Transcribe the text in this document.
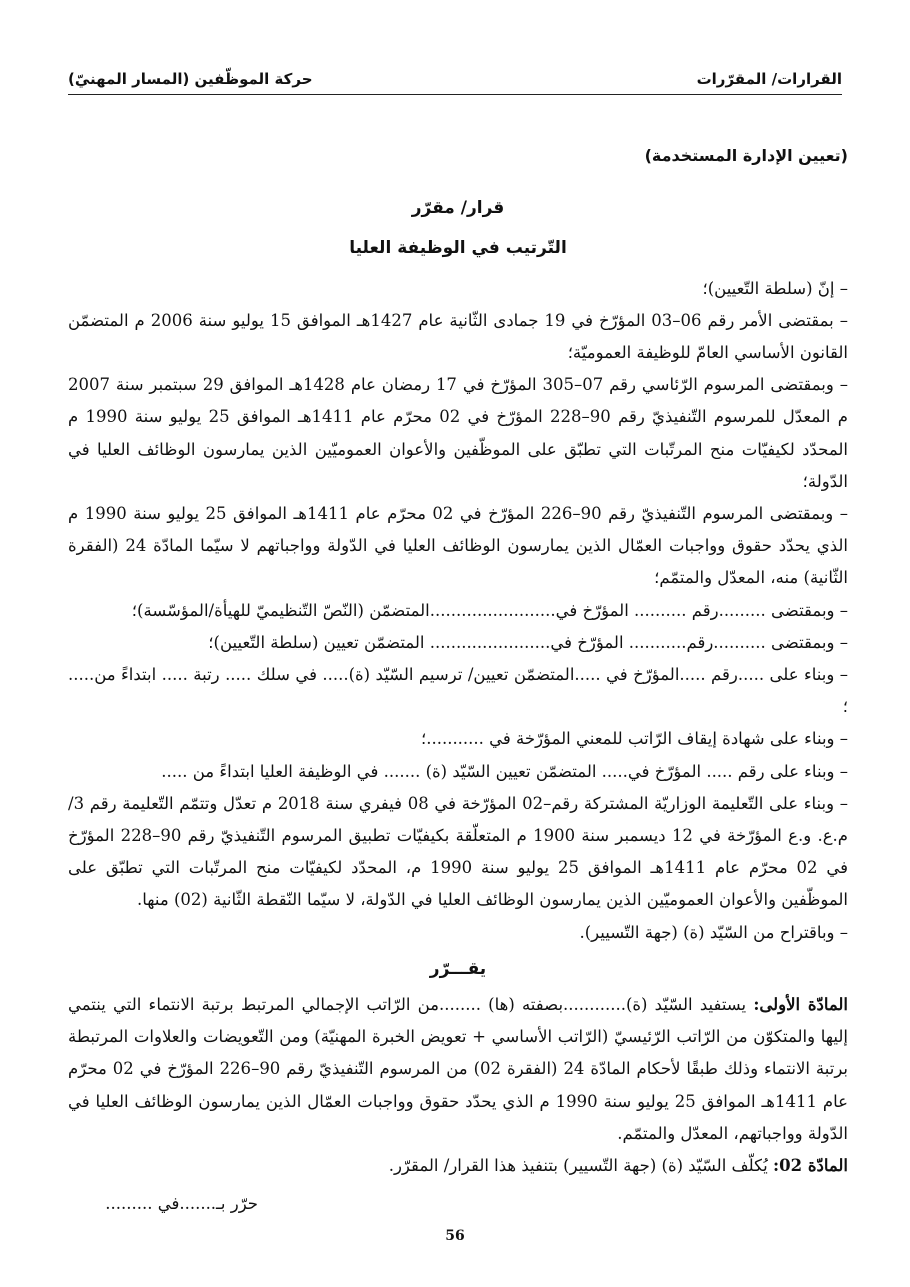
القرارات/ المقرّرات
حركة الموظّفين (المسار المهنيّ)

(تعيين الإدارة المستخدمة)

قرار/ مقرّر

التّرتيب في الوظيفة العليا

– إنّ (سلطة التّعيين)؛

– بمقتضى الأمر رقم 06–03 المؤرّخ في 19 جمادى الثّانية عام 1427هـ الموافق 15 يوليو سنة 2006 م المتضمّن القانون الأساسي العامّ للوظيفة العموميّة؛

– وبمقتضى المرسوم الرّئاسي رقم 07–305 المؤرّخ في 17 رمضان عام 1428هـ الموافق 29 سبتمبر سنة 2007 م المعدّل للمرسوم التّنفيذيّ رقم 90–228 المؤرّخ في 02 محرّم عام 1411هـ الموافق 25 يوليو سنة 1990 م المحدّد لكيفيّات منح المرتّبات التي تطبّق على الموظّفين والأعوان العموميّين الذين يمارسون الوظائف العليا في الدّولة؛

– وبمقتضى المرسوم التّنفيذيّ رقم 90–226 المؤرّخ في 02 محرّم عام 1411هـ الموافق 25 يوليو سنة 1990 م الذي يحدّد حقوق وواجبات العمّال الذين يمارسون الوظائف العليا في الدّولة وواجباتهم لا سيّما المادّة 24 (الفقرة الثّانية) منه، المعدّل والمتمّم؛

– وبمقتضى .........رقم .......... المؤرّخ في........................المتضمّن (النّصّ التّنظيميّ للهيأة/المؤسّسة)؛

– وبمقتضى ..........رقم........... المؤرّخ في....................... المتضمّن تعيين (سلطة التّعيين)؛

– وبناء على .....رقم .....المؤرّخ في .....المتضمّن تعيين/ ترسيم السّيّد (ة)..... في سلك ..... رتبة ..... ابتداءً من..... ؛

– وبناء على شهادة إيقاف الرّاتب للمعني المؤرّخة في ...........؛

– وبناء على رقم ..... المؤرّخ في..... المتضمّن تعيين السّيّد (ة) ....... في الوظيفة العليا ابتداءً من .....

– وبناء على التّعليمة الوزاريّة المشتركة رقم–02 المؤرّخة في 08 فيفري سنة 2018 م تعدّل وتتمّم التّعليمة رقم 3/م.ع. و.ع المؤرّخة في 12 ديسمبر سنة 1900 م المتعلّقة بكيفيّات تطبيق المرسوم التّنفيذيّ رقم 90–228 المؤرّخ في 02 محرّم عام 1411هـ الموافق 25 يوليو سنة 1990 م، المحدّد لكيفيّات منح المرتّبات التي تطبّق على الموظّفين والأعوان العموميّين الذين يمارسون الوظائف العليا في الدّولة، لا سيّما النّقطة الثّانية (02) منها.

– وباقتراح من السّيّد (ة) (جهة التّسيير).

يقـــرّر

المادّة الأولى: يستفيد السّيّد (ة)............بصفته (ها) ........من الرّاتب الإجمالي المرتبط برتبة الانتماء التي ينتمي إليها والمتكوّن من الرّاتب الرّئيسيّ (الرّاتب الأساسي + تعويض الخبرة المهنيّة) ومن التّعويضات والعلاوات المرتبطة برتبة الانتماء وذلك طبقًا لأحكام المادّة 24 (الفقرة 02) من المرسوم التّنفيذيّ رقم 90–226 المؤرّخ في 02 محرّم عام 1411هـ الموافق 25 يوليو سنة 1990 م الذي يحدّد حقوق وواجبات العمّال الذين يمارسون الوظائف العليا في الدّولة وواجباتهم، المعدّل والمتمّم.

المادّة 02: يُكلّف السّيّد (ة) (جهة التّسيير) بتنفيذ هذا القرار/ المقرّر.

حرّر بـ.......في .........

56
